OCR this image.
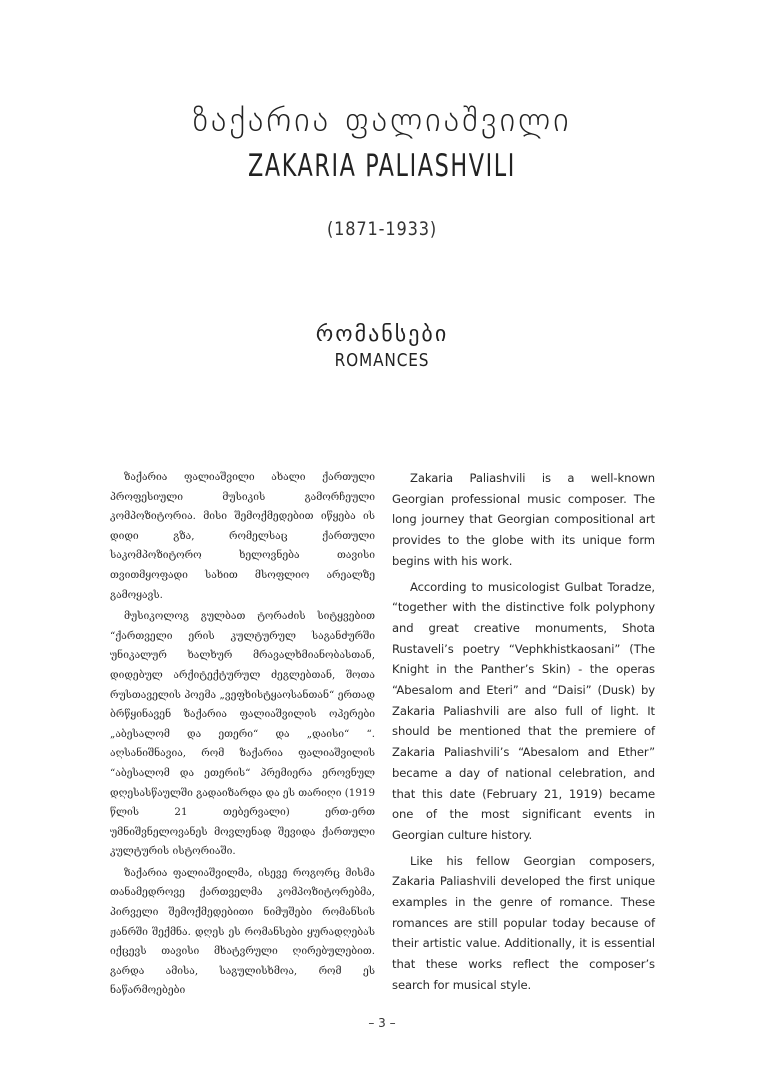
ზაქარია ფალიაშვილი
ZAKARIA PALIASHVILI
(1871-1933)
რომანსები
ROMANCES

ზაქარია ფალიაშვილი ახალი ქართული პროფესიული მუსიკის გამორჩეული კომპოზიტორია. მისი შემოქმედებით იწყება ის დიდი გზა, რომელსაც ქართული საკომპოზიტორო ხელოვნება თავისი თვითმყოფადი სახით მსოფლიო არეალზე გამოყავს.

მუსიკოლოგ გულბათ ტორაძის სიტყვებით “ქართველი ერის კულტურულ საგანძურში უნიკალურ ხალხურ მრავალხმიანობასთან, დიდებულ არქიტექტურულ ძეგლებთან, შოთა რუსთაველის პოემა „ვეფხისტყაოსანთან“ ერთად ბრწყინავენ ზაქარია ფალიაშვილის ოპერები „აბესალომ და ეთერი“ და „დაისი“ “. აღსანიშნავია, რომ ზაქარია ფალიაშვილის “აბესალომ და ეთერის“ პრემიერა ეროვნულ დღესასწაულში გადაიზარდა და ეს თარიღი (1919 წლის 21 თებერვალი) ერთ-ერთ უმნიშვნელოვანეს მოვლენად შევიდა ქართული კულტურის ისტორიაში.

ზაქარია ფალიაშვილმა, ისევე როგორც მისმა თანამედროვე ქართველმა კომპოზიტორებმა, პირველი შემოქმედებითი ნიმუშები რომანსის ჟანრში შექმნა. დღეს ეს რომანსები ყურადღებას იქცევს თავისი მხატვრული ღირებულებით. გარდა ამისა, საგულისხმოა, რომ ეს ნაწარმოებები

Zakaria Paliashvili is a well-known Georgian professional music composer. The long journey that Georgian compositional art provides to the globe with its unique form begins with his work.

According to musicologist Gulbat Toradze, “together with the distinctive folk polyphony and great creative monuments, Shota Rustaveli’s poetry “Vephkhistkaosani” (The Knight in the Panther’s Skin) - the operas “Abesalom and Eteri” and “Daisi” (Dusk) by Zakaria Paliashvili are also full of light. It should be mentioned that the premiere of Zakaria Paliashvili’s “Abesalom and Ether” became a day of national celebration, and that this date (February 21, 1919) became one of the most significant events in Georgian culture history.

Like his fellow Georgian composers, Zakaria Paliashvili developed the first unique examples in the genre of romance. These romances are still popular today because of their artistic value. Additionally, it is essential that these works reflect the composer’s search for musical style.

– 3 –
